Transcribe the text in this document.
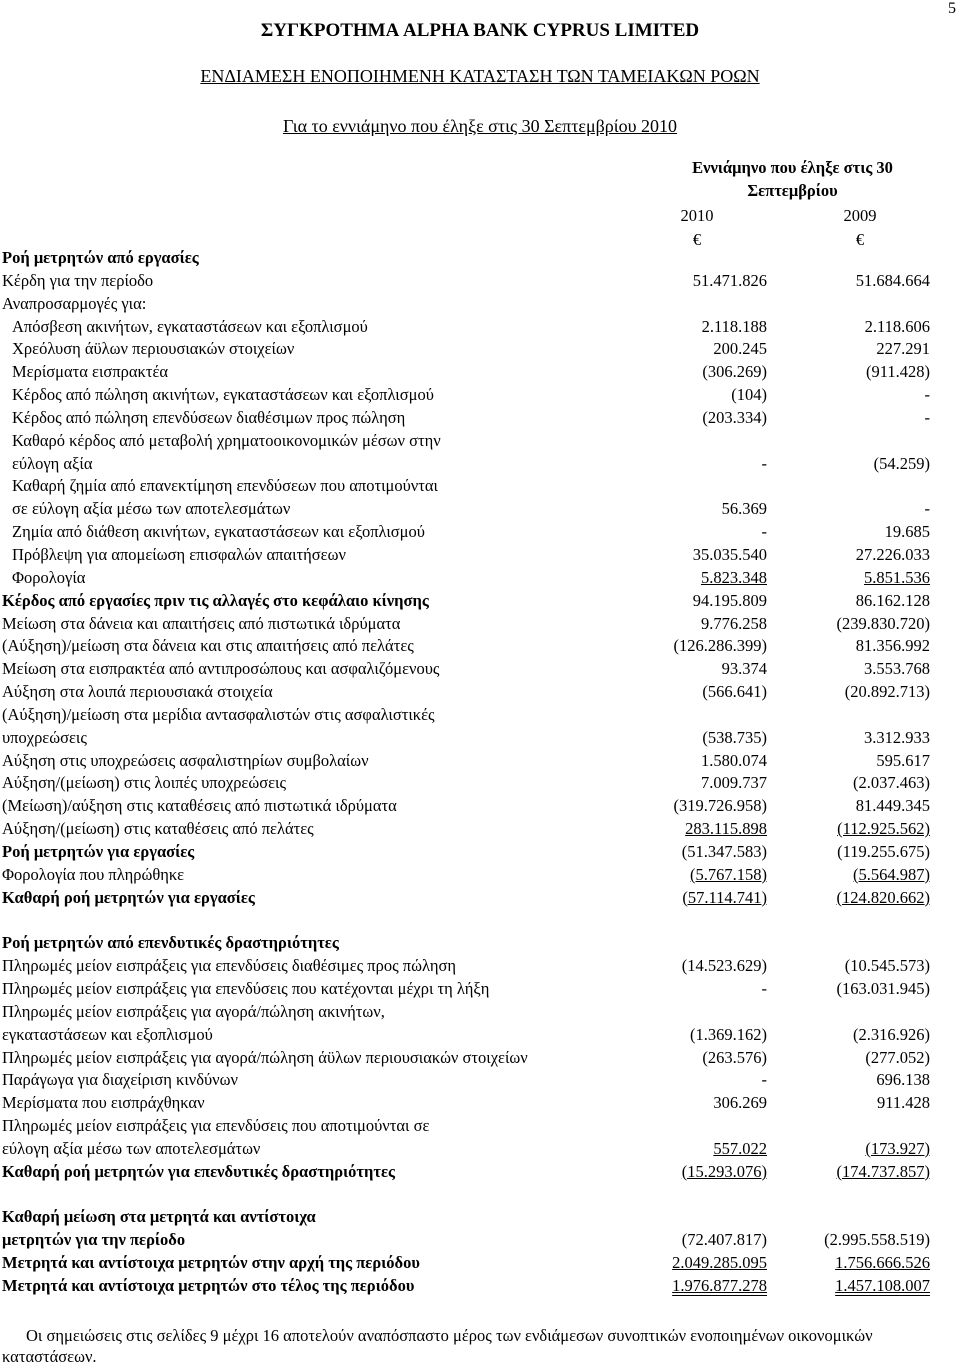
5
ΣΥΓΚΡΟΤΗΜΑ ALPHA BANK CYPRUS LIMITED
ΕΝΔΙΑΜΕΣΗ ΕΝΟΠΟΙΗΜΕΝΗ ΚΑΤΑΣΤΑΣΗ ΤΩΝ ΤΑΜΕΙΑΚΩΝ ΡΟΩΝ
Για το εννιάμηνο που έληξε στις 30 Σεπτεμβρίου 2010
Εννιάμηνο που έληξε στις 30
Σεπτεμβρίου
2010	2009
€	€
Ροή μετρητών από εργασίες
Κέρδη για την περίοδο	51.471.826	51.684.664
Αναπροσαρμογές για:
Απόσβεση ακινήτων, εγκαταστάσεων και εξοπλισμού	2.118.188	2.118.606
Χρεόλυση άϋλων περιουσιακών στοιχείων	200.245	227.291
Μερίσματα εισπρακτέα	(306.269)	(911.428)
Κέρδος από πώληση ακινήτων, εγκαταστάσεων και εξοπλισμού	(104)	-
Κέρδος από πώληση επενδύσεων διαθέσιμων προς πώληση	(203.334)	-
Καθαρό κέρδος από μεταβολή χρηματοοικονομικών μέσων στην
εύλογη αξία	-	(54.259)
Καθαρή ζημία από επανεκτίμηση επενδύσεων που αποτιμούνται
σε εύλογη αξία μέσω των αποτελεσμάτων	56.369	-
Ζημία από διάθεση ακινήτων, εγκαταστάσεων και εξοπλισμού	-	19.685
Πρόβλεψη για απομείωση επισφαλών απαιτήσεων	35.035.540	27.226.033
Φορολογία	5.823.348	5.851.536
Κέρδος από εργασίες πριν τις αλλαγές στο κεφάλαιο κίνησης	94.195.809	86.162.128
Μείωση στα δάνεια και απαιτήσεις από πιστωτικά ιδρύματα	9.776.258	(239.830.720)
(Αύξηση)/μείωση στα δάνεια και στις απαιτήσεις από πελάτες	(126.286.399)	81.356.992
Μείωση στα εισπρακτέα από αντιπροσώπους και ασφαλιζόμενους	93.374	3.553.768
Αύξηση στα λοιπά περιουσιακά στοιχεία	(566.641)	(20.892.713)
(Αύξηση)/μείωση στα μερίδια αντασφαλιστών στις ασφαλιστικές
υποχρεώσεις	(538.735)	3.312.933
Αύξηση στις υποχρεώσεις ασφαλιστηρίων συμβολαίων	1.580.074	595.617
Αύξηση/(μείωση) στις λοιπές υποχρεώσεις	7.009.737	(2.037.463)
(Μείωση)/αύξηση στις καταθέσεις από πιστωτικά ιδρύματα	(319.726.958)	81.449.345
Αύξηση/(μείωση) στις καταθέσεις από πελάτες	283.115.898	(112.925.562)
Ροή μετρητών για εργασίες	(51.347.583)	(119.255.675)
Φορολογία που πληρώθηκε	(5.767.158)	(5.564.987)
Καθαρή ροή μετρητών για εργασίες	(57.114.741)	(124.820.662)
Ροή μετρητών από επενδυτικές δραστηριότητες
Πληρωμές μείον εισπράξεις για επενδύσεις διαθέσιμες προς πώληση	(14.523.629)	(10.545.573)
Πληρωμές μείον εισπράξεις για επενδύσεις που κατέχονται μέχρι τη λήξη	-	(163.031.945)
Πληρωμές μείον εισπράξεις για αγορά/πώληση ακινήτων,
εγκαταστάσεων και εξοπλισμού	(1.369.162)	(2.316.926)
Πληρωμές μείον εισπράξεις για αγορά/πώληση άϋλων περιουσιακών στοιχείων	(263.576)	(277.052)
Παράγωγα για διαχείριση κινδύνων	-	696.138
Μερίσματα που εισπράχθηκαν	306.269	911.428
Πληρωμές μείον εισπράξεις για επενδύσεις που αποτιμούνται σε
εύλογη αξία μέσω των αποτελεσμάτων	557.022	(173.927)
Καθαρή ροή μετρητών για επενδυτικές δραστηριότητες	(15.293.076)	(174.737.857)
Καθαρή μείωση στα μετρητά και αντίστοιχα
μετρητών για την περίοδο	(72.407.817)	(2.995.558.519)
Μετρητά και αντίστοιχα μετρητών στην αρχή της περιόδου	2.049.285.095	1.756.666.526
Μετρητά και αντίστοιχα μετρητών στο τέλος της περιόδου	1.976.877.278	1.457.108.007
Οι σημειώσεις στις σελίδες 9 μέχρι 16 αποτελούν αναπόσπαστο μέρος των ενδιάμεσων συνοπτικών ενοποιημένων οικονομικών καταστάσεων.
